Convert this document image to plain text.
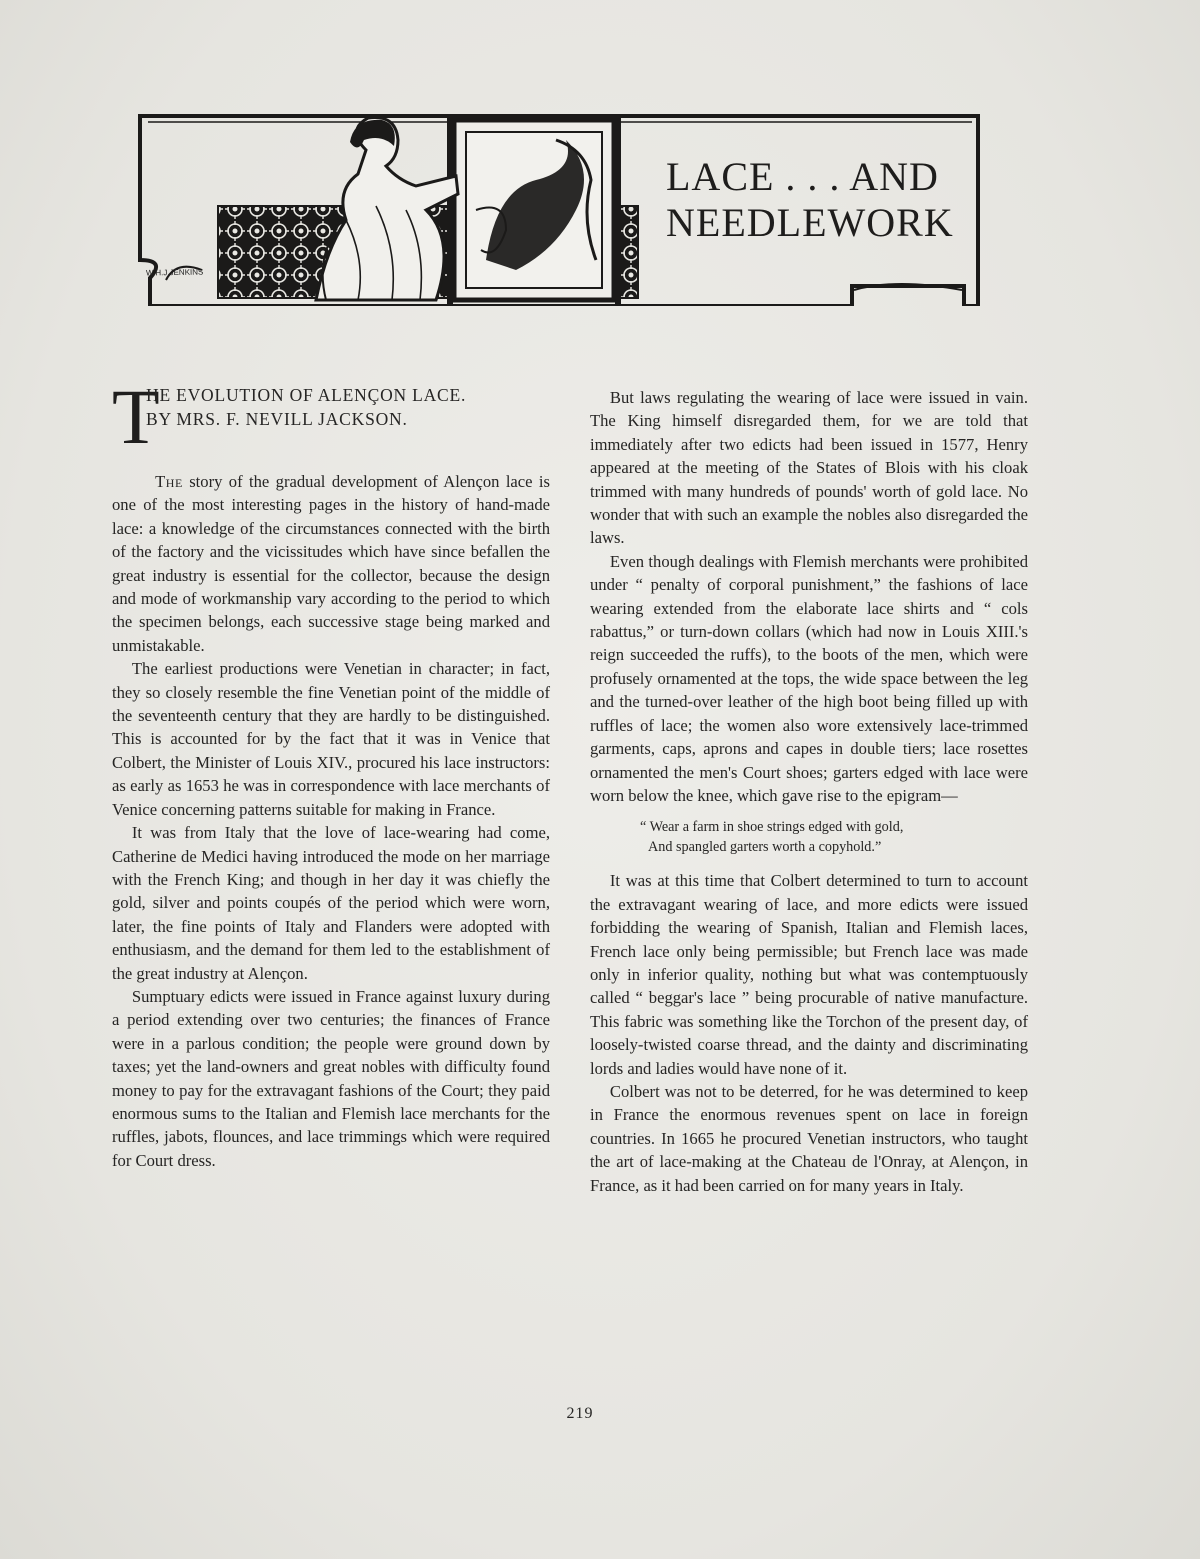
LACE . . . AND
NEEDLEWORK
W.H.J.JENKINS
T
HE EVOLUTION OF ALENÇON LACE.
BY MRS. F. NEVILL JACKSON.

The story of the gradual development of Alençon lace is one of the most interesting pages in the history of hand-made lace: a knowledge of the circumstances connected with the birth of the factory and the vicissitudes which have since befallen the great industry is essential for the collector, because the design and mode of workmanship vary according to the period to which the specimen belongs, each successive stage being marked and unmistakable.

The earliest productions were Venetian in character; in fact, they so closely resemble the fine Venetian point of the middle of the seventeenth century that they are hardly to be distinguished. This is accounted for by the fact that it was in Venice that Colbert, the Minister of Louis XIV., procured his lace instructors: as early as 1653 he was in correspondence with lace merchants of Venice concerning patterns suitable for making in France.

It was from Italy that the love of lace-wearing had come, Catherine de Medici having introduced the mode on her marriage with the French King; and though in her day it was chiefly the gold, silver and points coupés of the period which were worn, later, the fine points of Italy and Flanders were adopted with enthusiasm, and the demand for them led to the establishment of the great industry at Alençon.

Sumptuary edicts were issued in France against luxury during a period extending over two centuries; the finances of France were in a parlous condition; the people were ground down by taxes; yet the land-owners and great nobles with difficulty found money to pay for the extravagant fashions of the Court; they paid enormous sums to the Italian and Flemish lace merchants for the ruffles, jabots, flounces, and lace trimmings which were required for Court dress.

But laws regulating the wearing of lace were issued in vain. The King himself disregarded them, for we are told that immediately after two edicts had been issued in 1577, Henry appeared at the meeting of the States of Blois with his cloak trimmed with many hundreds of pounds' worth of gold lace. No wonder that with such an example the nobles also disregarded the laws.

Even though dealings with Flemish merchants were prohibited under “ penalty of corporal punishment,” the fashions of lace wearing extended from the elaborate lace shirts and “ cols rabattus,” or turn-down collars (which had now in Louis XIII.'s reign succeeded the ruffs), to the boots of the men, which were profusely ornamented at the tops, the wide space between the leg and the turned-over leather of the high boot being filled up with ruffles of lace; the women also wore extensively lace-trimmed garments, caps, aprons and capes in double tiers; lace rosettes ornamented the men's Court shoes; garters edged with lace were worn below the knee, which gave rise to the epigram—

“ Wear a farm in shoe strings edged with gold,
And spangled garters worth a copyhold.”

It was at this time that Colbert determined to turn to account the extravagant wearing of lace, and more edicts were issued forbidding the wearing of Spanish, Italian and Flemish laces, French lace only being permissible; but French lace was made only in inferior quality, nothing but what was contemptuously called “ beggar's lace ” being procurable of native manufacture. This fabric was something like the Torchon of the present day, of loosely-twisted coarse thread, and the dainty and discriminating lords and ladies would have none of it.

Colbert was not to be deterred, for he was determined to keep in France the enormous revenues spent on lace in foreign countries. In 1665 he procured Venetian instructors, who taught the art of lace-making at the Chateau de l'Onray, at Alençon, in France, as it had been carried on for many years in Italy.

219
